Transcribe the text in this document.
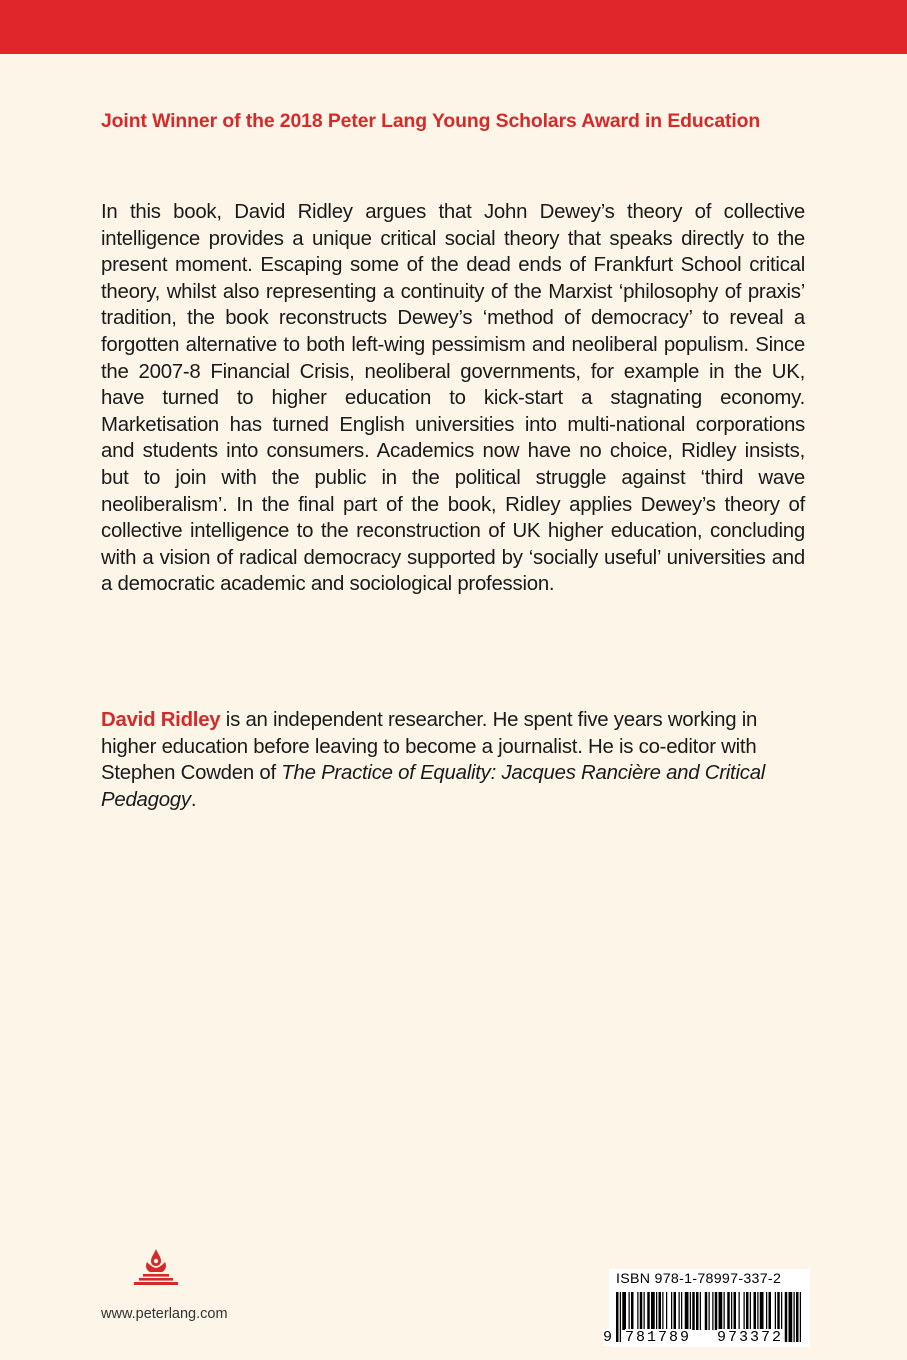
Joint Winner of the 2018 Peter Lang Young Scholars Award in Education

In this book, David Ridley argues that John Dewey’s theory of collective intelligence provides a unique critical social theory that speaks directly to the present moment. Escaping some of the dead ends of Frankfurt School critical theory, whilst also representing a continuity of the Marxist ‘philosophy of praxis’ tradition, the book reconstructs Dewey’s ‘method of democracy’ to reveal a forgotten alternative to both left-wing pessimism and neoliberal populism. Since the 2007-8 Financial Crisis, neoliberal governments, for example in the UK, have turned to higher education to kick-start a stagnating economy. Marketisation has turned English universities into multi-national corporations and students into consumers. Academics now have no choice, Ridley insists, but to join with the public in the political struggle against ‘third wave neoliberalism’. In the final part of the book, Ridley applies Dewey’s theory of collective intelligence to the reconstruction of UK higher education, concluding with a vision of radical democracy supported by ‘socially useful’ universities and a democratic academic and sociological profession.

David Ridley is an independent researcher. He spent five years working in higher education before leaving to become a journalist. He is co-editor with Stephen Cowden of The Practice of Equality: Jacques Rancière and Critical Pedagogy.

www.peterlang.com
ISBN 978-1-78997-337-2
9 781789 973372
